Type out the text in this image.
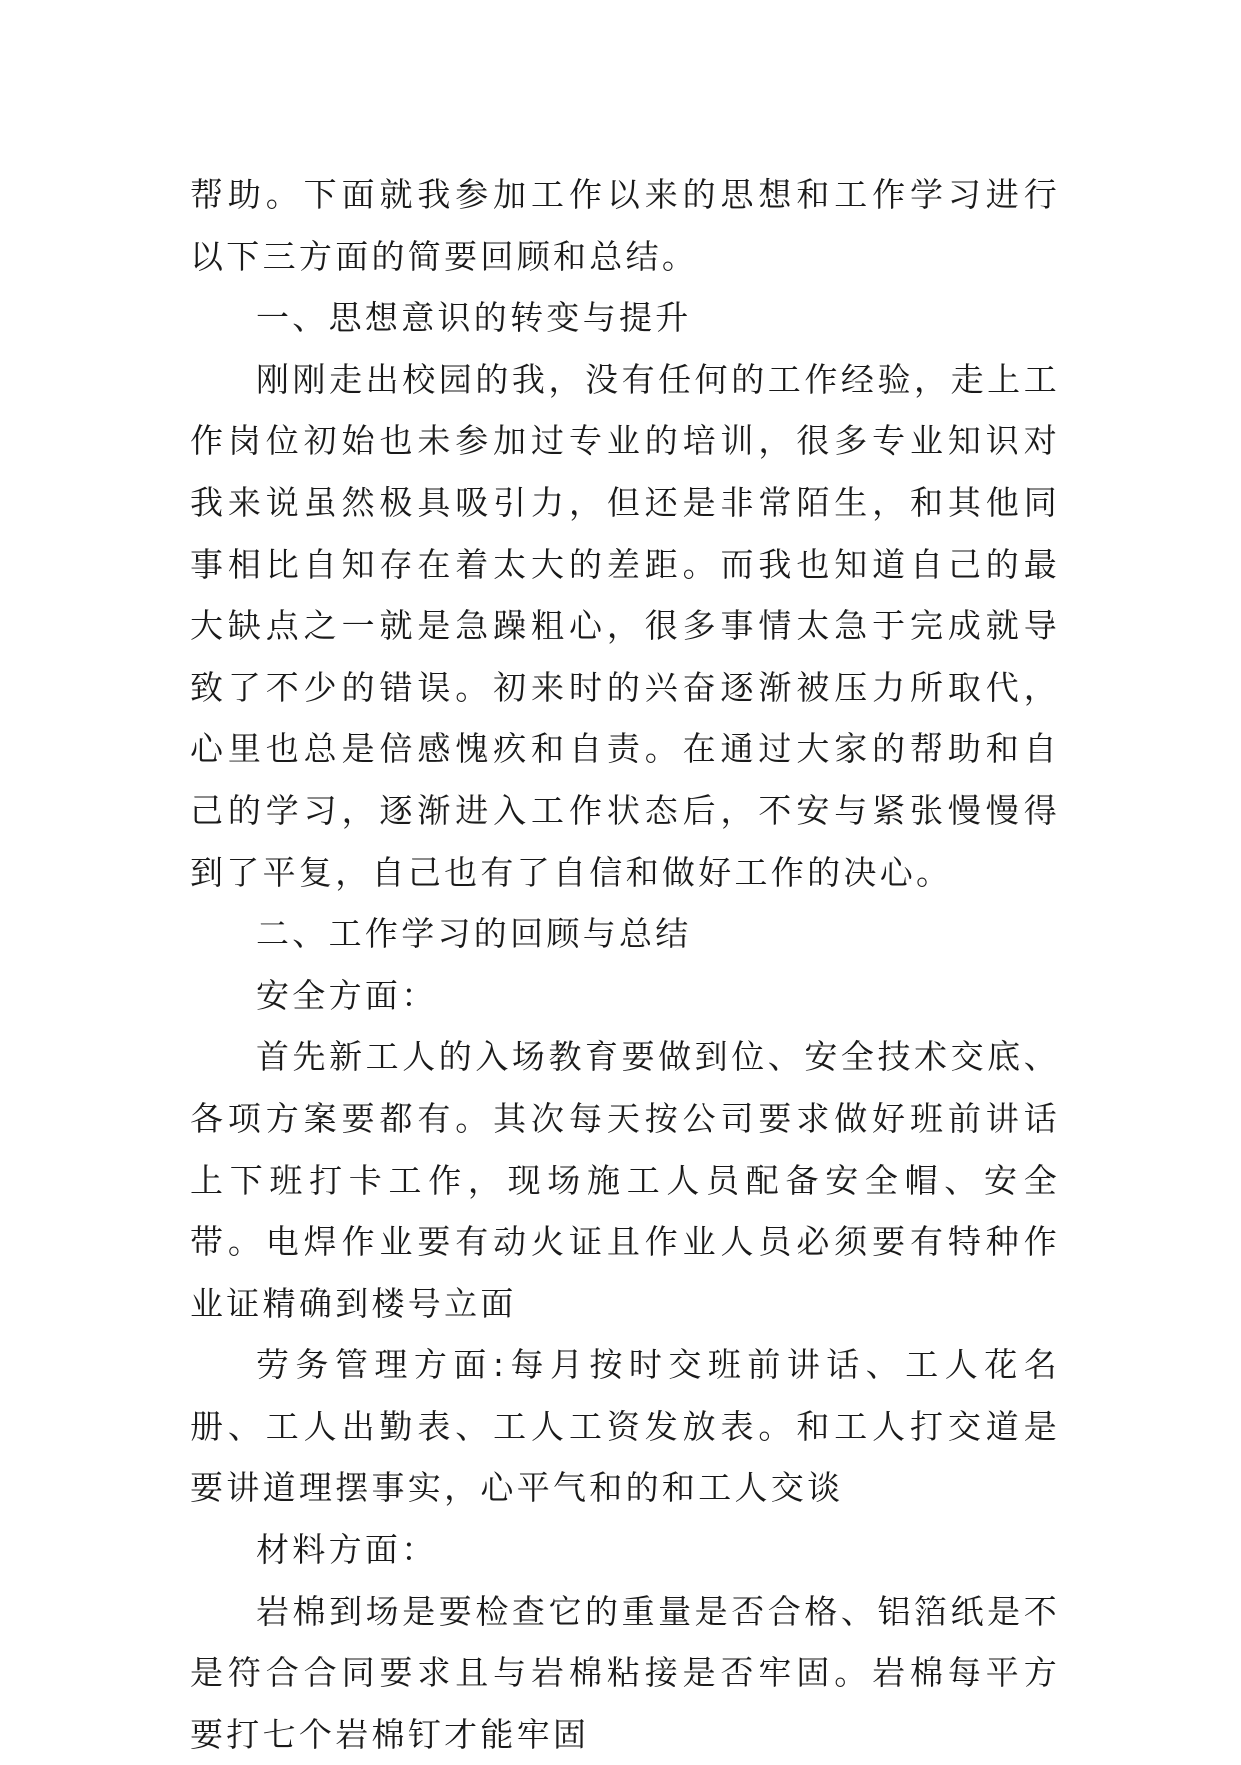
帮助。下面就我参加工作以来的思想和工作学习进行以下三方面的简要回顾和总结。

一、思想意识的转变与提升

刚刚走出校园的我，没有任何的工作经验，走上工作岗位初始也未参加过专业的培训，很多专业知识对我来说虽然极具吸引力，但还是非常陌生，和其他同事相比自知存在着太大的差距。而我也知道自己的最大缺点之一就是急躁粗心，很多事情太急于完成就导致了不少的错误。初来时的兴奋逐渐被压力所取代，心里也总是倍感愧疚和自责。在通过大家的帮助和自己的学习，逐渐进入工作状态后，不安与紧张慢慢得到了平复，自己也有了自信和做好工作的决心。

二、工作学习的回顾与总结

安全方面：

首先新工人的入场教育要做到位、安全技术交底、各项方案要都有。其次每天按公司要求做好班前讲话上下班打卡工作，现场施工人员配备安全帽、安全带。电焊作业要有动火证且作业人员必须要有特种作业证精确到楼号立面

劳务管理方面:每月按时交班前讲话、工人花名册、工人出勤表、工人工资发放表。和工人打交道是要讲道理摆事实，心平气和的和工人交谈

材料方面：

岩棉到场是要检查它的重量是否合格、铝箔纸是不是符合合同要求且与岩棉粘接是否牢固。岩棉每平方要打七个岩棉钉才能牢固
